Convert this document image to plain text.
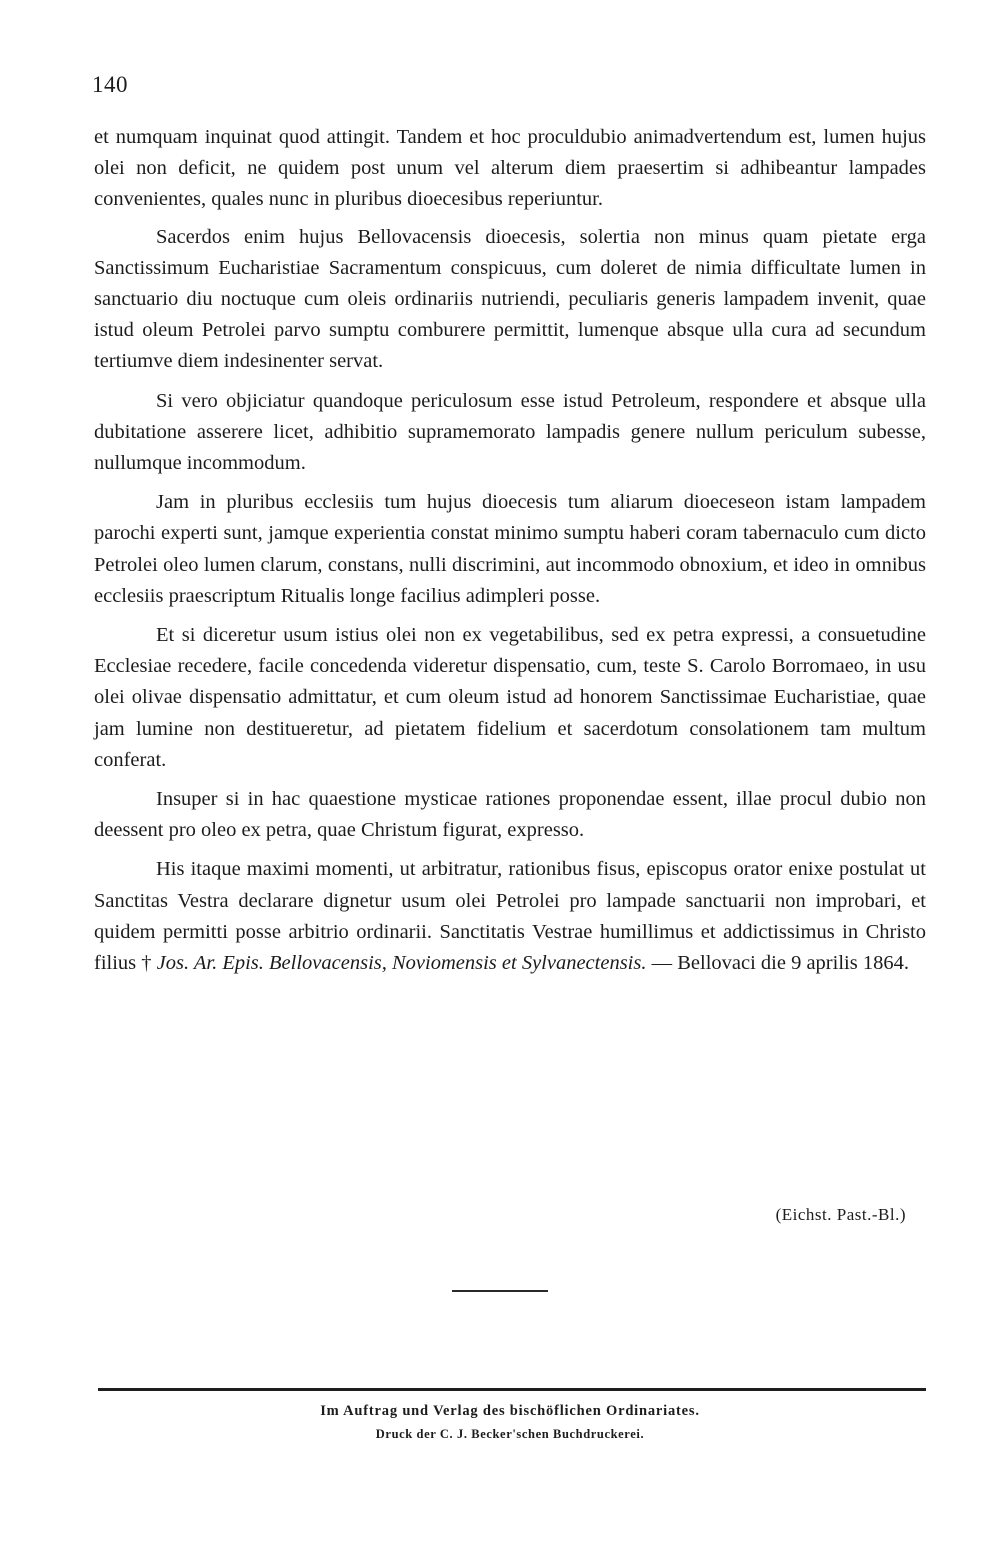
140

et numquam inquinat quod attingit. Tandem et hoc proculdubio animadvertendum est, lumen hujus olei non deficit, ne quidem post unum vel alterum diem praesertim si adhibeantur lampades convenientes, quales nunc in pluribus dioecesibus reperiuntur.

Sacerdos enim hujus Bellovacensis dioecesis, solertia non minus quam pietate erga Sanctissimum Eucharistiae Sacramentum conspicuus, cum doleret de nimia difficultate lumen in sanctuario diu noctuque cum oleis ordinariis nutriendi, peculiaris generis lampadem invenit, quae istud oleum Petrolei parvo sumptu comburere permittit, lumenque absque ulla cura ad secundum tertiumve diem indesinenter servat.

Si vero objiciatur quandoque periculosum esse istud Petroleum, respondere et absque ulla dubitatione asserere licet, adhibitio supramemorato lampadis genere nullum periculum subesse, nullumque incommodum.

Jam in pluribus ecclesiis tum hujus dioecesis tum aliarum dioeceseon istam lampadem parochi experti sunt, jamque experientia constat minimo sumptu haberi coram tabernaculo cum dicto Petrolei oleo lumen clarum, constans, nulli discrimini, aut incommodo obnoxium, et ideo in omnibus ecclesiis praescriptum Ritualis longe facilius adimpleri posse.

Et si diceretur usum istius olei non ex vegetabilibus, sed ex petra expressi, a consuetudine Ecclesiae recedere, facile concedenda videretur dispensatio, cum, teste S. Carolo Borromaeo, in usu olei olivae dispensatio admittatur, et cum oleum istud ad honorem Sanctissimae Eucharistiae, quae jam lumine non destitueretur, ad pietatem fidelium et sacerdotum consolationem tam multum conferat.

Insuper si in hac quaestione mysticae rationes proponendae essent, illae procul dubio non deessent pro oleo ex petra, quae Christum figurat, expresso.

His itaque maximi momenti, ut arbitratur, rationibus fisus, episcopus orator enixe postulat ut Sanctitas Vestra declarare dignetur usum olei Petrolei pro lampade sanctuarii non improbari, et quidem permitti posse arbitrio ordinarii. Sanctitatis Vestrae humillimus et addictissimus in Christo filius † Jos. Ar. Epis. Bellovacensis, Noviomensis et Sylvanectensis. — Bellovaci die 9 aprilis 1864.

(Eichst. Past.-Bl.)
Im Auftrag und Verlag des bischöflichen Ordinariates.
Druck der C. J. Becker'schen Buchdruckerei.
